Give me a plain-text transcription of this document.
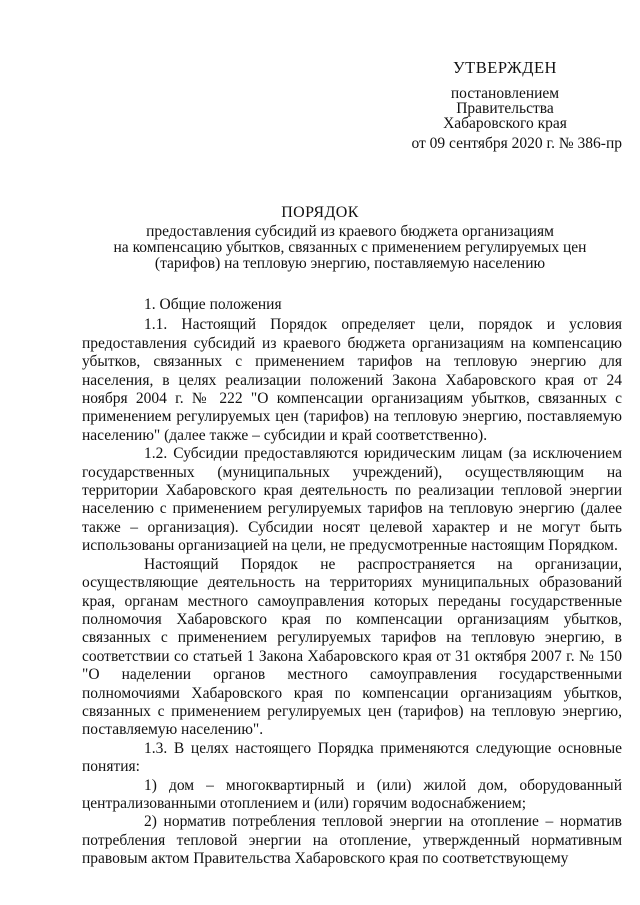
УТВЕРЖДЕН
постановлением
Правительства
Хабаровского края
от 09 сентября 2020 г. № 386-пр
ПОРЯДОК
предоставления субсидий из краевого бюджета организациям
на компенсацию убытков, связанных с применением регулируемых цен
(тарифов) на тепловую энергию, поставляемую населению

1. Общие положения

1.1. Настоящий Порядок определяет цели, порядок и условия предоставления субсидий из краевого бюджета организациям на компенсацию убытков, связанных с применением тарифов на тепловую энергию для населения, в целях реализации положений Закона Хабаровского края от 24 ноября 2004 г. № 222 "О компенсации организациям убытков, связанных с применением регулируемых цен (тарифов) на тепловую энергию, поставляемую населению" (далее также – субсидии и край соответственно).

1.2. Субсидии предоставляются юридическим лицам (за исключением государственных (муниципальных учреждений), осуществляющим на территории Хабаровского края деятельность по реализации тепловой энергии населению с применением регулируемых тарифов на тепловую энергию (далее также – организация). Субсидии носят целевой характер и не могут быть использованы организацией на цели, не предусмотренные настоящим Порядком.

Настоящий Порядок не распространяется на организации, осуществляющие деятельность на территориях муниципальных образований края, органам местного самоуправления которых переданы государственные полномочия Хабаровского края по компенсации организациям убытков, связанных с применением регулируемых тарифов на тепловую энергию, в соответствии со статьей 1 Закона Хабаровского края от 31 октября 2007 г. № 150 "О наделении органов местного самоуправления государственными полномочиями Хабаровского края по компенсации организациям убытков, связанных с применением регулируемых цен (тарифов) на тепловую энергию, поставляемую населению".

1.3. В целях настоящего Порядка применяются следующие основные понятия:

1) дом – многоквартирный и (или) жилой дом, оборудованный централизованными отоплением и (или) горячим водоснабжением;

2) норматив потребления тепловой энергии на отопление – норматив потребления тепловой энергии на отопление, утвержденный нормативным правовым актом Правительства Хабаровского края по соответствующему
